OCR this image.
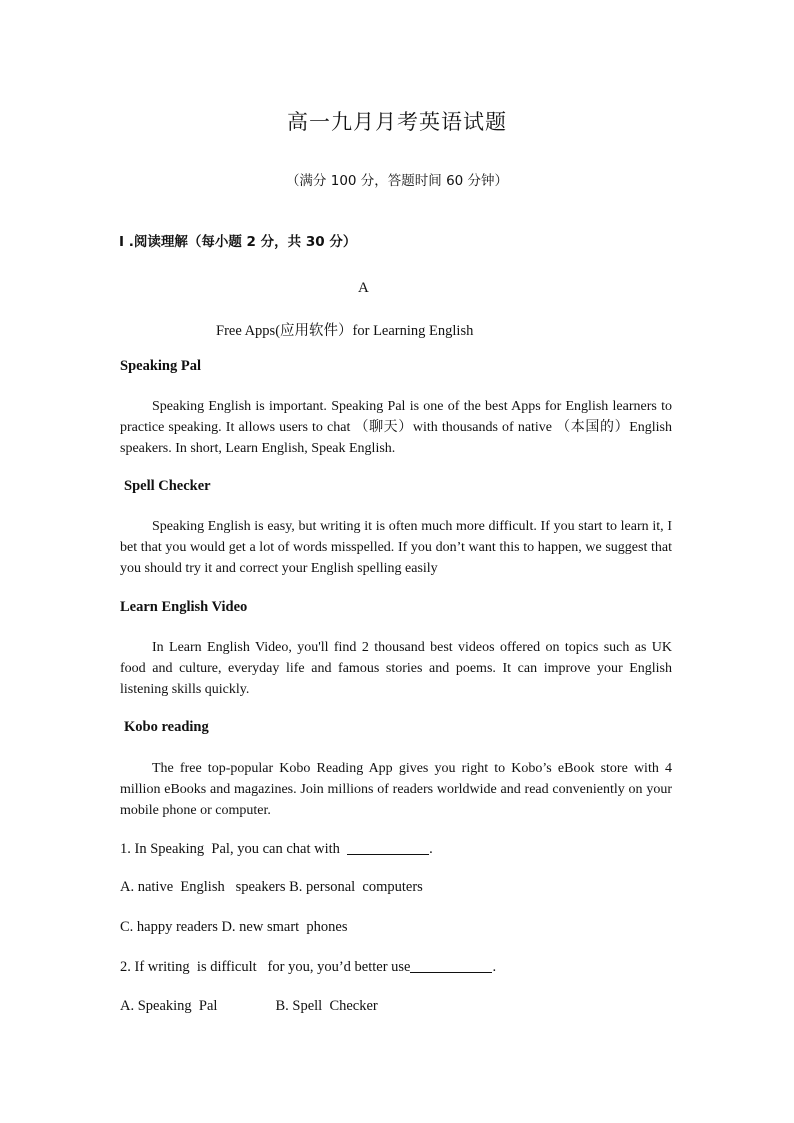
高一九月月考英语试题
（满分 100 分，答题时间 60 分钟）
I .阅读理解（每小题 2 分，共 30 分）
A
Free Apps(应用软件）for Learning English
Speaking Pal
Speaking English is important. Speaking Pal is one of the best Apps for English learners to practice speaking. It allows users to chat （聊天）with thousands of native （本国的）English speakers. In short, Learn English, Speak English.
Spell Checker
Speaking English is easy, but writing it is often much more difficult. If you start to learn it, I bet that you would get a lot of words misspelled. If you don’t want this to happen, we suggest that you should try it and correct your English spelling easily
Learn English Video
In Learn English Video, you'll find 2 thousand best videos offered on topics such as UK food and culture, everyday life and famous stories and poems. It can improve your English listening skills quickly.
Kobo reading
The free top-popular Kobo Reading App gives you right to Kobo’s eBook store with 4 million eBooks and magazines. Join millions of readers worldwide and read conveniently on your mobile phone or computer.
1. In Speaking  Pal, you can chat with	.
A. native  English   speakers B. personal  computers
C. happy readers D. new smart  phones
2. If writing  is difficult   for you, you’d better use	.
A. Speaking  Pal                B. Spell  Checker
